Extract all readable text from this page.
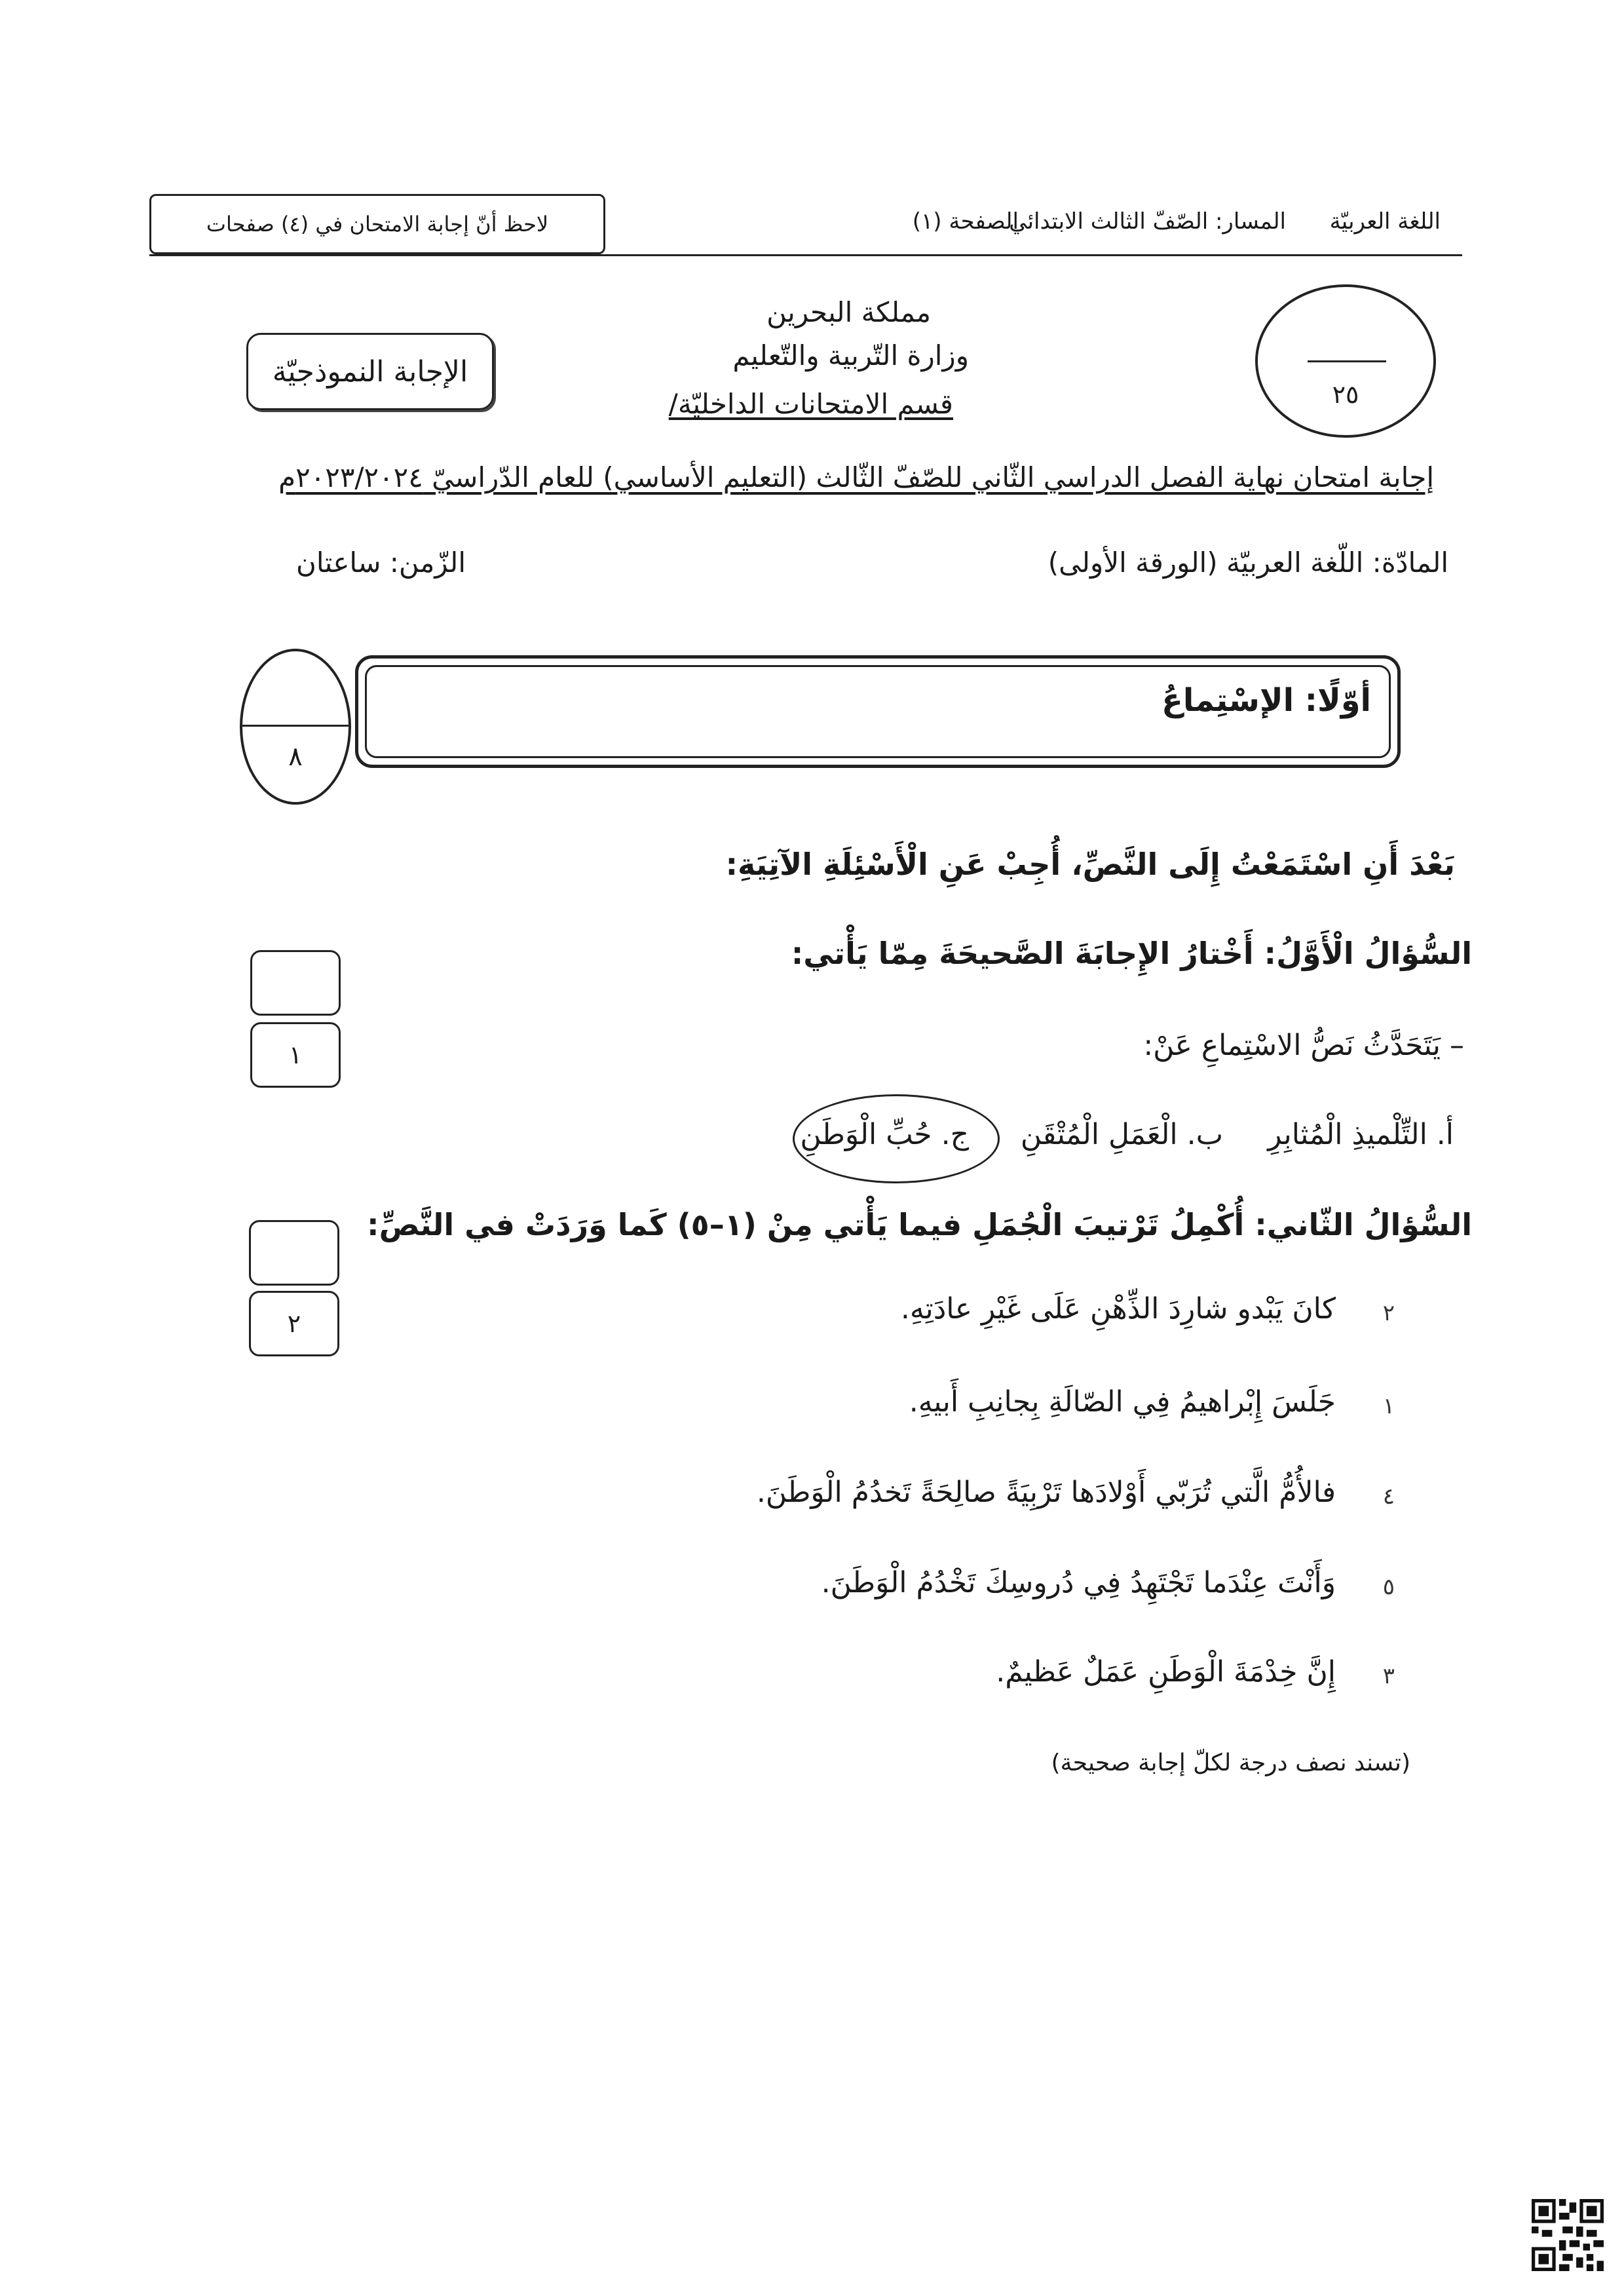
اللغة العربيّة
المسار: الصّفّ الثالث الابتدائي
الصفحة (١)
لاحظ أنّ إجابة الامتحان في (٤) صفحات
مملكة البحرين
وزارة التّربية والتّعليم
قسم الامتحانات الداخليّة/
الإجابة النموذجيّة
٢٥
إجابة امتحان نهاية الفصل الدراسي الثّاني للصّفّ الثّالث (التعليم الأساسي) للعام الدّراسيّ ٢٠٢٣/٢٠٢٤م
المادّة: اللّغة العربيّة (الورقة الأولى)
الزّمن: ساعتان
أوّلًا: الإسْتِماعُ
٨
بَعْدَ أَنِ اسْتَمَعْتُ إِلَى النَّصِّ، أُجِبْ عَنِ الْأَسْئِلَةِ الآتِيَةِ:
السُّؤالُ الْأَوَّلُ: أَخْتارُ الإِجابَةَ الصَّحيحَةَ مِمّا يَأْتي:
١	– يَتَحَدَّثُ نَصُّ الاسْتِماعِ عَنْ:
أ. التِّلْميذِ الْمُثابِرِ
ب. الْعَمَلِ الْمُتْقَنِ
ج. حُبِّ الْوَطَنِ
السُّؤالُ الثّاني: أُكْمِلُ تَرْتيبَ الْجُمَلِ فيما يَأْتي مِنْ (١–٥) كَما وَرَدَتْ في النَّصِّ:
٢	٢
كانَ يَبْدو شارِدَ الذِّهْنِ عَلَى غَيْرِ عادَتِهِ.
١
جَلَسَ إِبْراهيمُ فِي الصّالَةِ بِجانِبِ أَبيهِ.
٤
فالأُمُّ الَّتي تُرَبّي أَوْلادَها تَرْبِيَةً صالِحَةً تَخدُمُ الْوَطَنَ.
٥
وَأَنْتَ عِنْدَما تَجْتَهِدُ فِي دُروسِكَ تَخْدُمُ الْوَطَنَ.
٣
إِنَّ خِدْمَةَ الْوَطَنِ عَمَلٌ عَظيمٌ.
(تسند نصف درجة لكلّ إجابة صحيحة)
